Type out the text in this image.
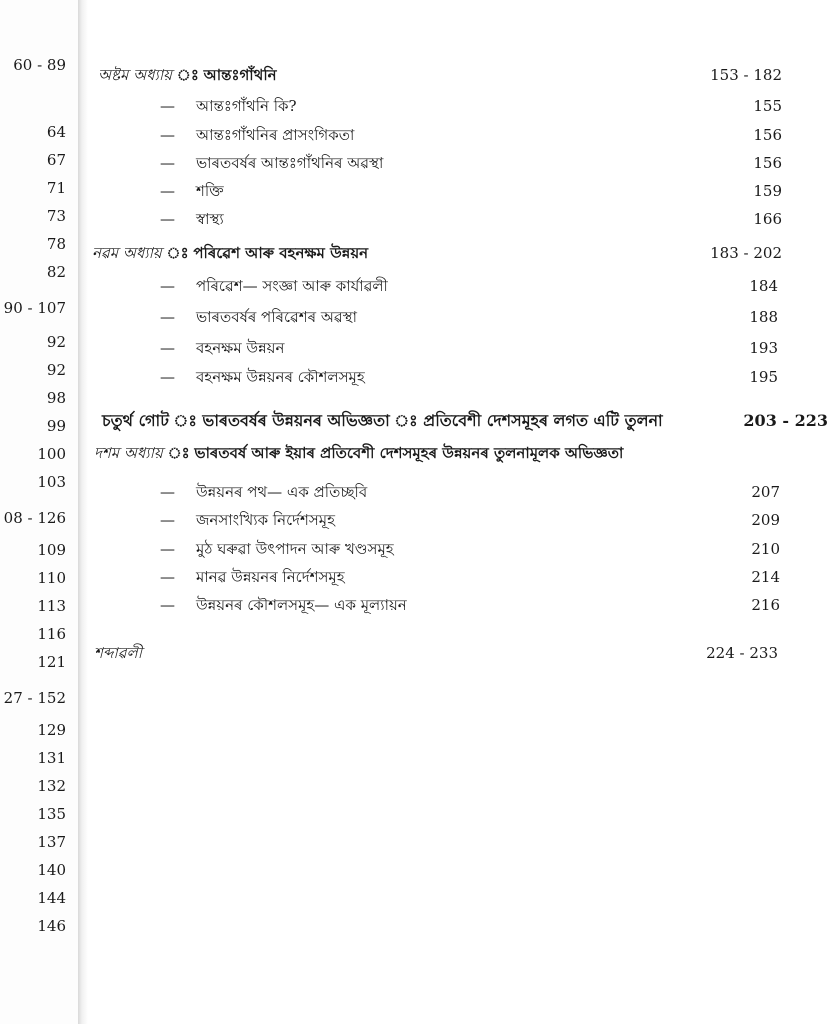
60 - 89
64
67
71
73
78
82
90 - 107
92
92
98
99
100
103
08 - 126
109
110
113
116
121
27 - 152
129
131
132
135
137
140
144
146
অষ্টম অধ্যায় ঃ আন্তঃগাঁথনি	153 - 182
— আন্তঃগাঁথনি কি?	155
— আন্তঃগাঁথনিৰ প্ৰাসংগিকতা	156
— ভাৰতবৰ্ষৰ আন্তঃগাঁথনিৰ অৱস্থা	156
— শক্তি	159
— স্বাস্থ্য	166
নৱম অধ্যায় ঃ পৰিৱেশ আৰু বহনক্ষম উন্নয়ন	183 - 202
— পৰিৱেশ— সংজ্ঞা আৰু কাৰ্যাৱলী	184
— ভাৰতবৰ্ষৰ পৰিৱেশৰ অৱস্থা	188
— বহনক্ষম উন্নয়ন	193
— বহনক্ষম উন্নয়নৰ কৌশলসমূহ	195
চতুৰ্থ গোট ঃ ভাৰতবৰ্ষৰ উন্নয়নৰ অভিজ্ঞতা ঃ প্ৰতিবেশী দেশসমূহৰ লগত এটি তুলনা	203 - 223
দশম অধ্যায় ঃ ভাৰতবৰ্ষ আৰু ইয়াৰ প্ৰতিবেশী দেশসমূহৰ উন্নয়নৰ তুলনামূলক অভিজ্ঞতা
— উন্নয়নৰ পথ— এক প্ৰতিচ্ছবি	207
— জনসাংখ্যিক নিৰ্দেশসমূহ	209
— মুঠ ঘৰুৱা উৎপাদন আৰু খণ্ডসমূহ	210
— মানৱ উন্নয়নৰ নিৰ্দেশসমূহ	214
— উন্নয়নৰ কৌশলসমূহ— এক মূল্যায়ন	216
শব্দাৱলী	224 - 233
